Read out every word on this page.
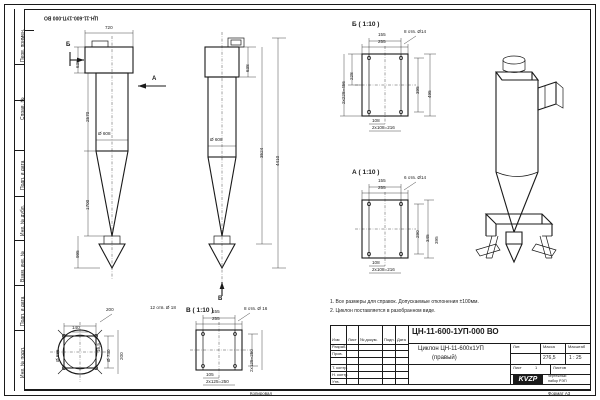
Перв. примен.
Справ. №
Подп. и дата
Инв. № дубл.
Взам. инв. №
Подп. и дата
Инв. № подл.
ЦН-11-600-1УП-000 ВО
720
636
2570
1700
995
Ø 608
Б
А
638
3524
4410
Ø 608
В
Б ( 1:10 )
255
155
228
2x228=456	395
495
108
2x108=216
8 отв. Ø14
А ( 1:10 )
255
155
290
345 395
108
2x108=216
6 отв. Ø14
200
140
200
12 отв. Ø 18
Ø 686	Ø 730
16,5
В ( 1:10 )
255
155
2x125=250
105
2x125=250
8 отв. Ø 16
1. Все размеры для справок. Допускаемые отклонения ±100мм.
2. Циклон поставляется в разобранном виде.
ЦН-11-600-1УП-000 ВО
Циклон ЦН-11-600х1УП
(правый)
Изм Лист № докум. Подп. Дата
Разраб.
Пров.
Т. контр.
Н. контр.
Утв.
Лит.	Масса	Масштаб
276,5	1 : 25
Лист	1	Листов
KVZP	чертёжный
набор РЭП
Копировал	Формат А3
